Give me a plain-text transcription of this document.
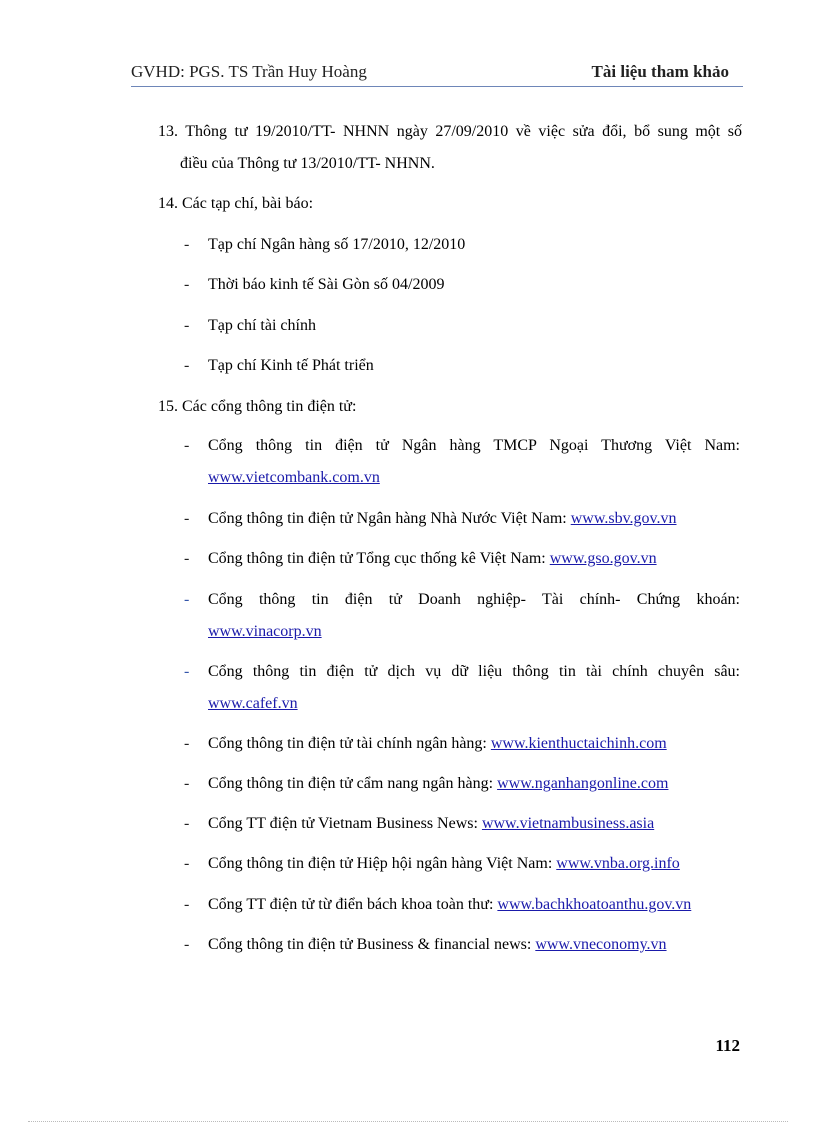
GVHD: PGS. TS Trần Huy Hoàng	Tài liệu tham khảo
13. Thông tư 19/2010/TT- NHNN ngày 27/09/2010 về việc sửa đổi, bổ sung một số
điều của Thông tư 13/2010/TT- NHNN.
14. Các tạp chí, bài báo:
- Tạp chí Ngân hàng số 17/2010, 12/2010
- Thời báo kinh tế Sài Gòn số 04/2009
- Tạp chí tài chính
- Tạp chí Kinh tế Phát triển
15. Các cổng thông tin điện tử:
- Cổng thông tin điện tử Ngân hàng TMCP Ngoại Thương Việt Nam:
www.vietcombank.com.vn
- Cổng thông tin điện tử Ngân hàng Nhà Nước Việt Nam: www.sbv.gov.vn
- Cổng thông tin điện tử Tổng cục thống kê Việt Nam: www.gso.gov.vn
- Cổng thông tin điện tử Doanh nghiệp- Tài chính- Chứng khoán:
www.vinacorp.vn
- Cổng thông tin điện tử dịch vụ dữ liệu thông tin tài chính chuyên sâu:
www.cafef.vn
- Cổng thông tin điện tử tài chính ngân hàng: www.kienthuctaichinh.com
- Cổng thông tin điện tử cẩm nang ngân hàng: www.nganhangonline.com
- Cổng TT điện tử Vietnam Business News: www.vietnambusiness.asia
- Cổng thông tin điện tử Hiệp hội ngân hàng Việt Nam: www.vnba.org.info
- Cổng TT điện tử từ điển bách khoa toàn thư: www.bachkhoatoanthu.gov.vn
- Cổng thông tin điện tử Business & financial news: www.vneconomy.vn
112
